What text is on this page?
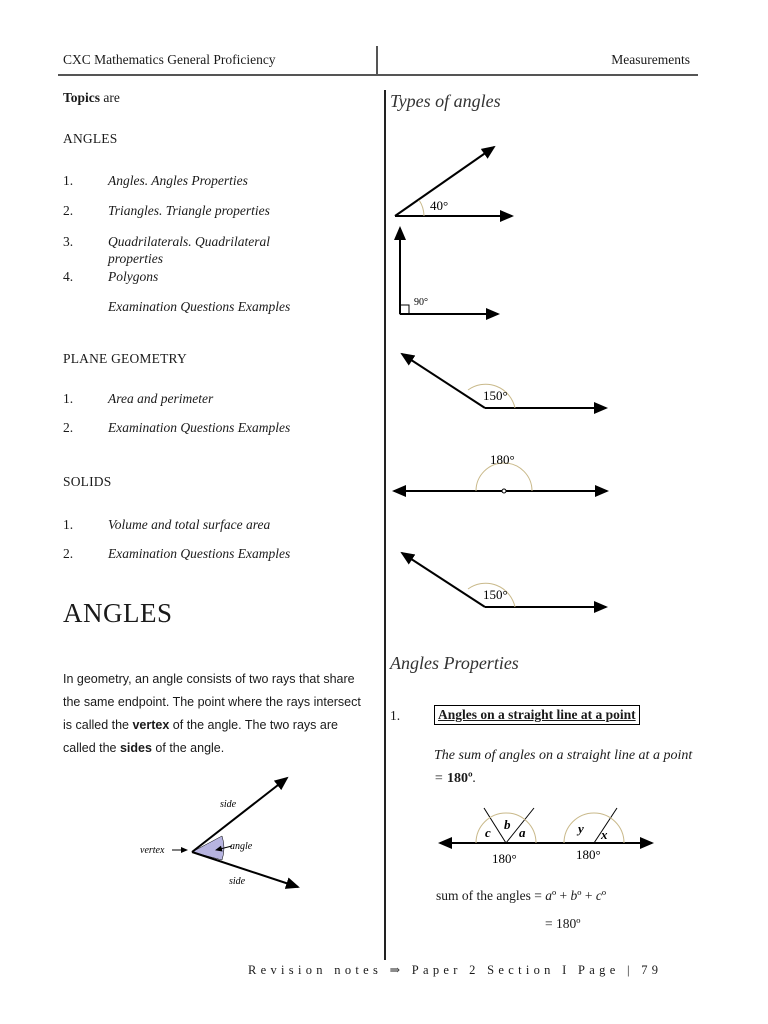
CXC Mathematics General Proficiency	Measurements
Topics are
ANGLES
1.	Angles. Angles Properties
2.	Triangles. Triangle properties
3.	Quadrilaterals. Quadrilateral properties
4.	Polygons
Examination Questions Examples
PLANE GEOMETRY
1.	Area and perimeter
2.	Examination Questions Examples
SOLIDS
1.	Volume and total surface area
2.	Examination Questions Examples
ANGLES
In geometry, an angle consists of two rays that share the same endpoint. The point where the rays intersect is called the vertex of the angle. The two rays are called the sides of the angle.
side
side
vertex	angle
Types of angles
40°
90°
150°
180°
150°
Angles Properties
1.	Angles on a straight line at a point
The sum of angles on a straight line at a point = 180º.
c
b
a	y x
180°	180°
sum of the angles = aº + bº + cº
= 180º
Revision notes ⇒ Paper 2 Section I Page | 79
